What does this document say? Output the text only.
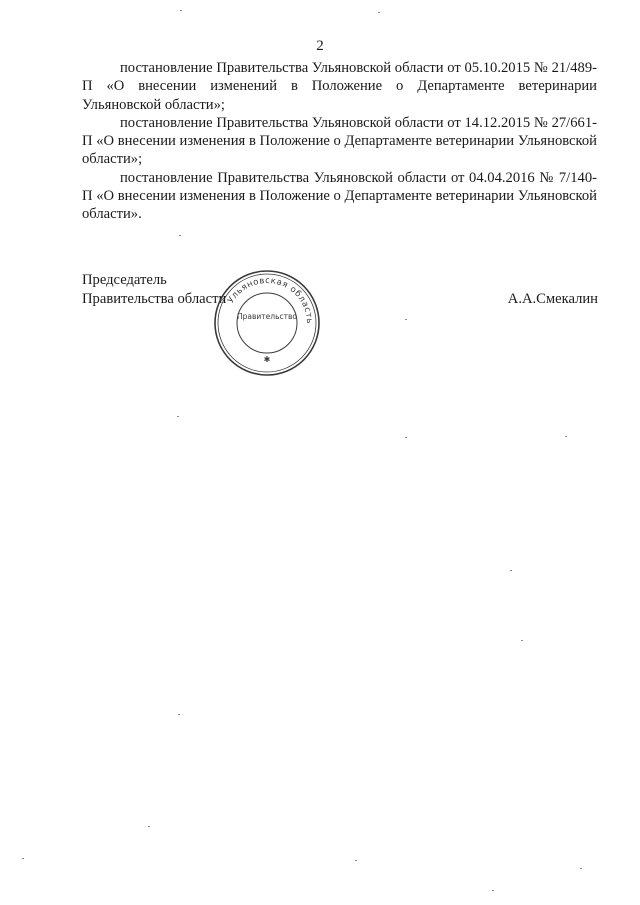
2

постановление Правительства Ульяновской области от 05.10.2015 № 21/489-П «О внесении изменений в Положение о Департаменте ветеринарии Ульяновской области»;

постановление Правительства Ульяновской области от 14.12.2015 № 27/661-П «О внесении изменения в Положение о Департаменте ветеринарии Ульяновской области»;

постановление Правительства Ульяновской области от 04.04.2016 № 7/140-П «О внесении изменения в Положение о Департаменте ветеринарии Ульяновской области».

Председатель
Правительства области	А.А.Смекалин
Ульяновская область
Правительство
✱
